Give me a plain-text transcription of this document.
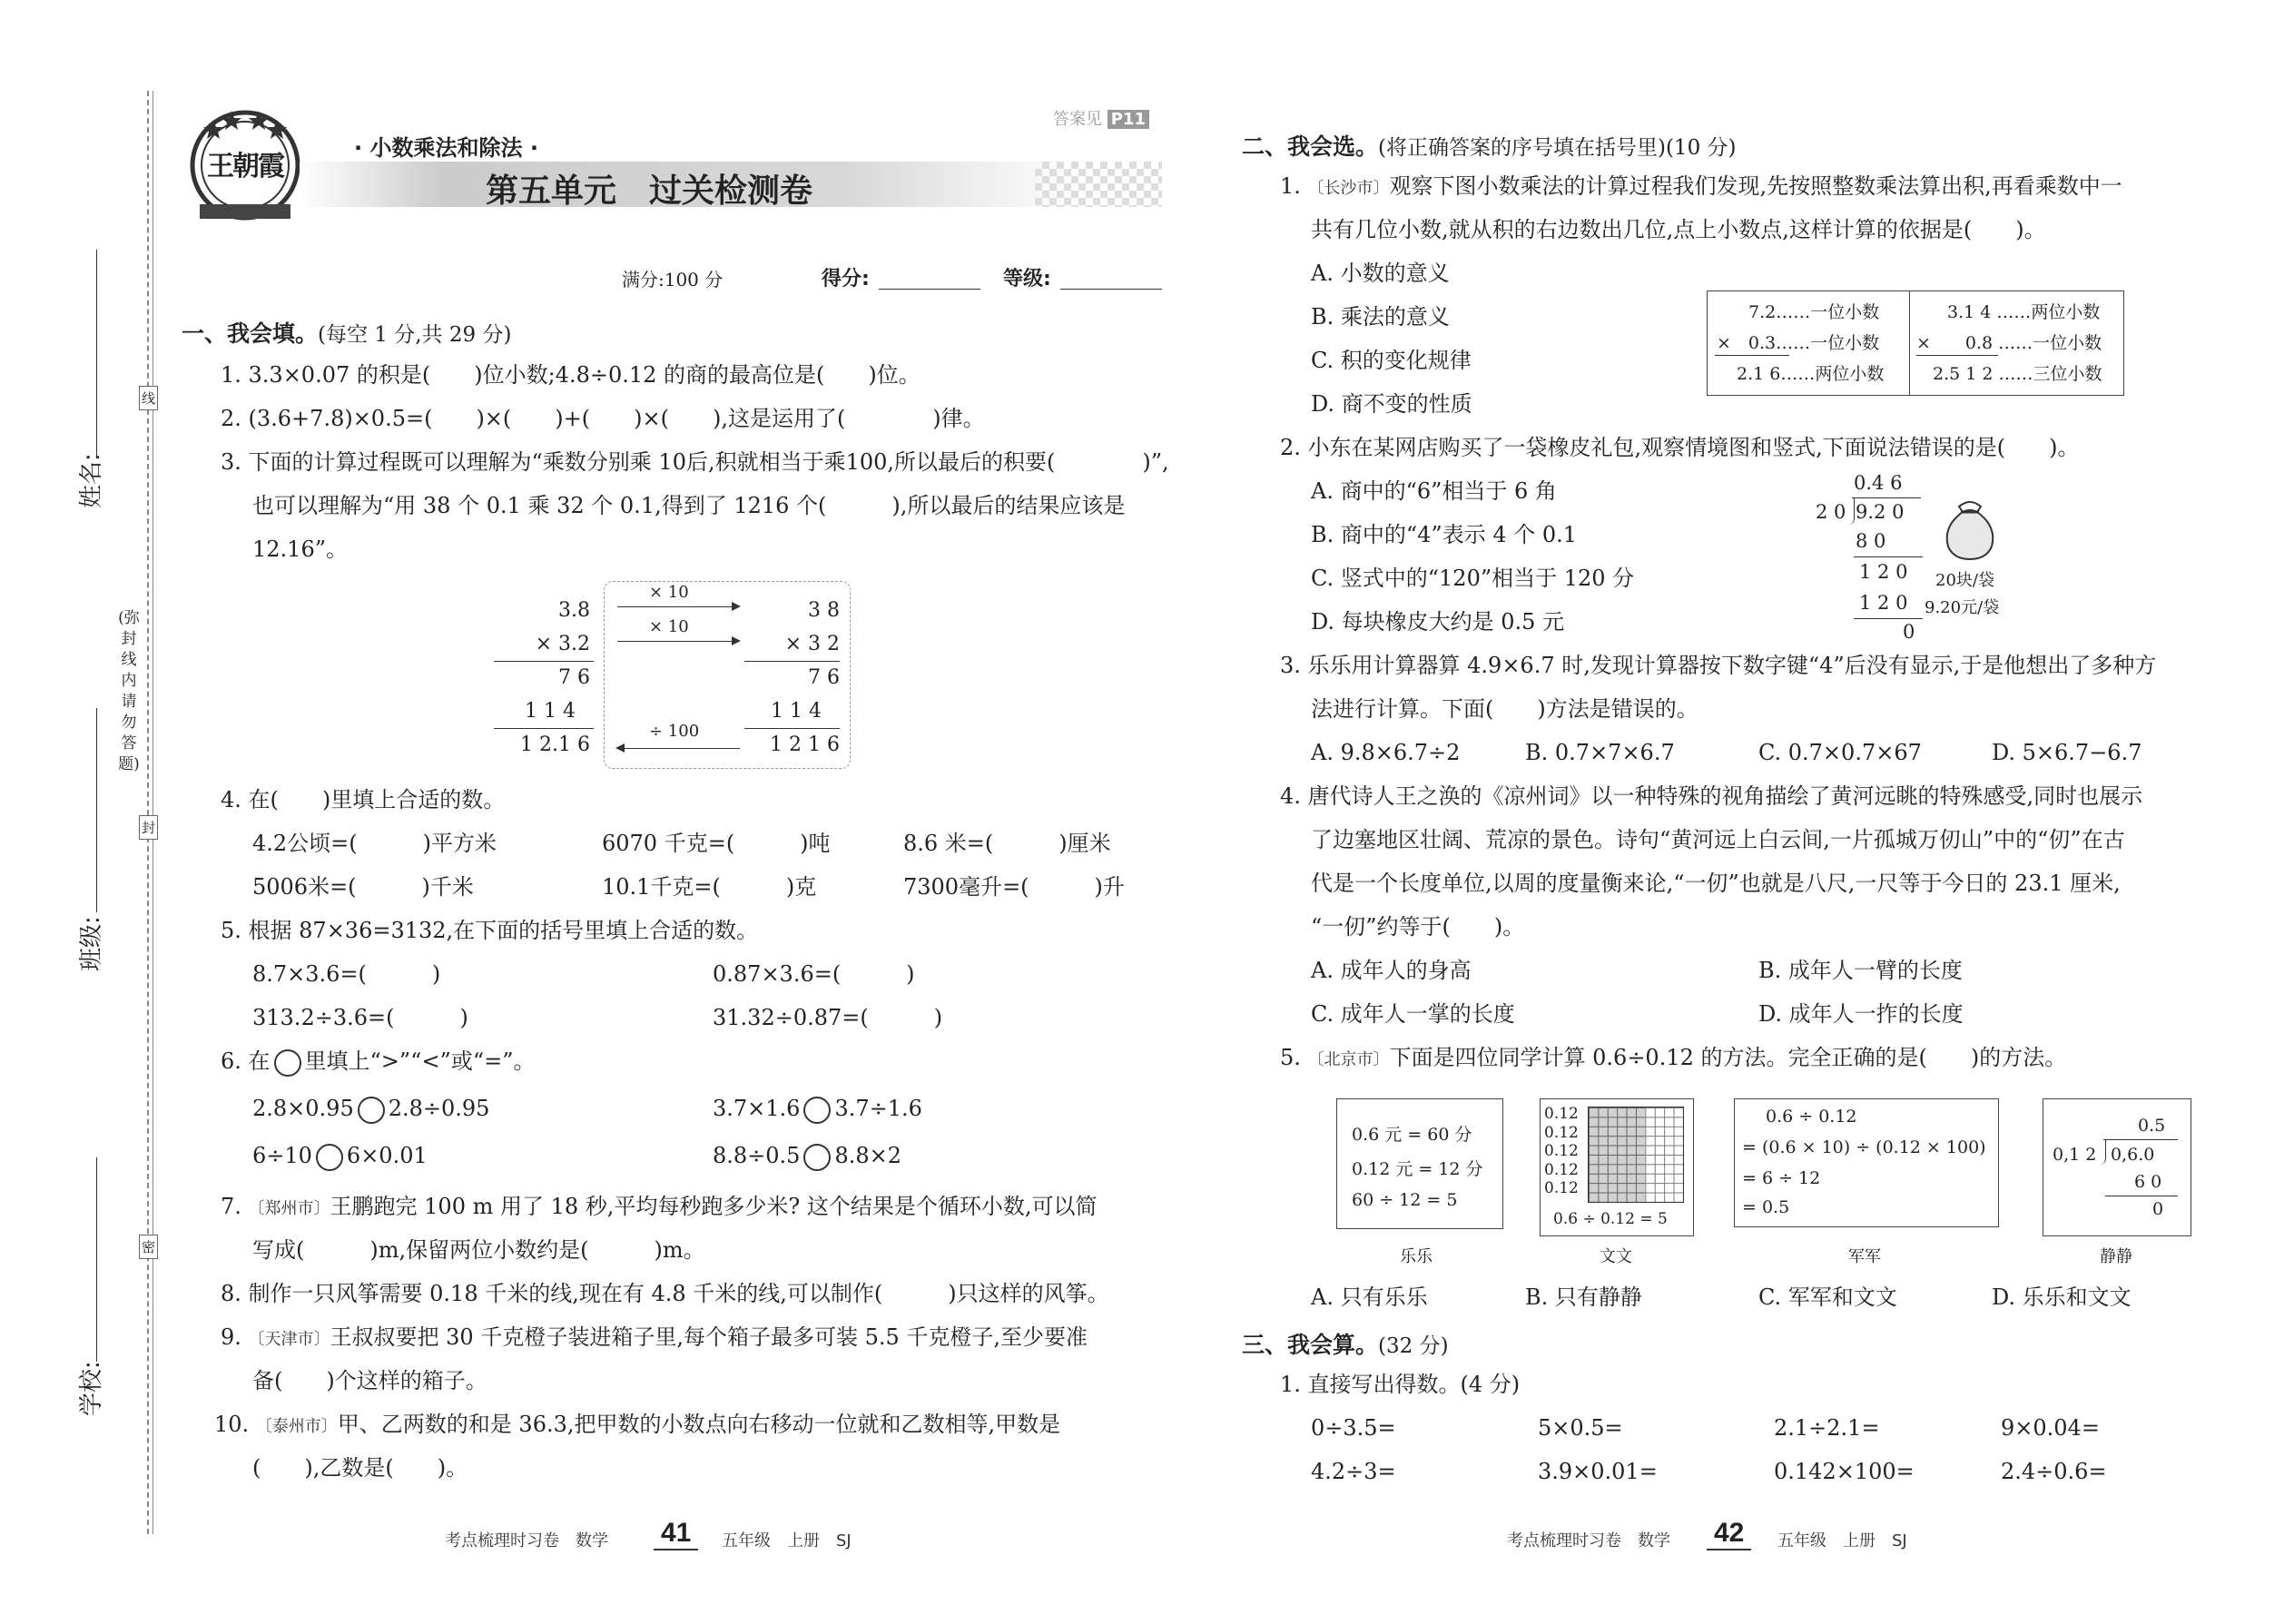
姓名:
班级:
学校:
(弥封线内请勿答题)
线
封
密
王朝霞
答案见 P11
· 小数乘法和除法 ·
第五单元　过关检测卷
满分:100 分	得分:	等级:
一、我会填。(每空 1 分,共 29 分)
1. 3.3×0.07 的积是(　　)位小数;4.8÷0.12 的商的最高位是(　　)位。
2. (3.6+7.8)×0.5=(　　)×(　　)+(　　)×(　　),这是运用了(　　　　)律。
3. 下面的计算过程既可以理解为“乘数分别乘 10后,积就相当于乘100,所以最后的积要(　　　　)”,
也可以理解为“用 38 个 0.1 乘 32 个 0.1,得到了 1216 个(　　　),所以最后的结果应该是
12.16”。
3.8
× 3.2
7 6
1 1 4
1 2.1 6
× 10
× 10
÷ 100
3 8
× 3 2
7 6
1 1 4
1 2 1 6
4. 在(　　)里填上合适的数。
4.2公顷=(　　　)平方米	6070 千克=(　　　)吨	8.6 米=(　　　)厘米
5006米=(　　　)千米	10.1千克=(　　　)克	7300毫升=(　　　)升
5. 根据 87×36=3132,在下面的括号里填上合适的数。
8.7×3.6=(　　　)	0.87×3.6=(　　　)
313.2÷3.6=(　　　)	31.32÷0.87=(　　　)
6. 在 里填上“>”“<”或“=”。
2.8×0.95 2.8÷0.95	3.7×1.6 3.7÷1.6
6÷10 6×0.01	8.8÷0.5 8.8×2
7. 〔郑州市〕王鹏跑完 100 m 用了 18 秒,平均每秒跑多少米? 这个结果是个循环小数,可以简
写成(　　　)m,保留两位小数约是(　　　)m。
8. 制作一只风筝需要 0.18 千米的线,现在有 4.8 千米的线,可以制作(　　　)只这样的风筝。
9. 〔天津市〕王叔叔要把 30 千克橙子装进箱子里,每个箱子最多可装 5.5 千克橙子,至少要准
备(　　)个这样的箱子。
10. 〔泰州市〕甲、乙两数的和是 36.3,把甲数的小数点向右移动一位就和乙数相等,甲数是
(　　),乙数是(　　)。
考点梳理时习卷　数学 41	五年级　上册　SJ
二、我会选。(将正确答案的序号填在括号里)(10 分)
1. 〔长沙市〕观察下图小数乘法的计算过程我们发现,先按照整数乘法算出积,再看乘数中一
共有几位小数,就从积的右边数出几位,点上小数点,这样计算的依据是(　　)。
A. 小数的意义
B. 乘法的意义
C. 积的变化规律
D. 商不变的性质
7.2……一位小数
×　0.3……一位小数
2.1 6……两位小数
3.1 4 ……两位小数
×　　0.8 ……一位小数
2.5 1 2 ……三位小数
2. 小东在某网店购买了一袋橡皮礼包,观察情境图和竖式,下面说法错误的是(　　)。
A. 商中的“6”相当于 6 角
B. 商中的“4”表示 4 个 0.1
C. 竖式中的“120”相当于 120 分
D. 每块橡皮大约是 0.5 元
0.4 6
2 0 9.2 0
8 0
1 2 0
1 2 0
0
20块/袋
9.20元/袋
3. 乐乐用计算器算 4.9×6.7 时,发现计算器按下数字键“4”后没有显示,于是他想出了多种方
法进行计算。下面(　　)方法是错误的。
A. 9.8×6.7÷2	B. 0.7×7×6.7	C. 0.7×0.7×67	D. 5×6.7−6.7
4. 唐代诗人王之涣的《凉州词》以一种特殊的视角描绘了黄河远眺的特殊感受,同时也展示
了边塞地区壮阔、荒凉的景色。诗句“黄河远上白云间,一片孤城万仞山”中的“仞”在古
代是一个长度单位,以周的度量衡来论,“一仞”也就是八尺,一尺等于今日的 23.1 厘米,
“一仞”约等于(　　)。
A. 成年人的身高	B. 成年人一臂的长度
C. 成年人一掌的长度	D. 成年人一拃的长度
5. 〔北京市〕下面是四位同学计算 0.6÷0.12 的方法。完全正确的是(　　)的方法。
0.6 元 = 60 分
0.12 元 = 12 分
60 ÷ 12 = 5
0.12
0.12
0.12
0.12
0.12
0.6 ÷ 0.12 = 5
0.6 ÷ 0.12
= (0.6 × 10) ÷ (0.12 × 100)
= 6 ÷ 12
= 0.5
0.5
0,1 2 0,6.0
6 0
0
乐乐	文文	军军	静静
A. 只有乐乐	B. 只有静静	C. 军军和文文	D. 乐乐和文文
三、我会算。(32 分)
1. 直接写出得数。(4 分)
0÷3.5=	5×0.5=	2.1÷2.1=	9×0.04=
4.2÷3=	3.9×0.01=	0.142×100=	2.4÷0.6=
考点梳理时习卷　数学 42	五年级　上册　SJ
